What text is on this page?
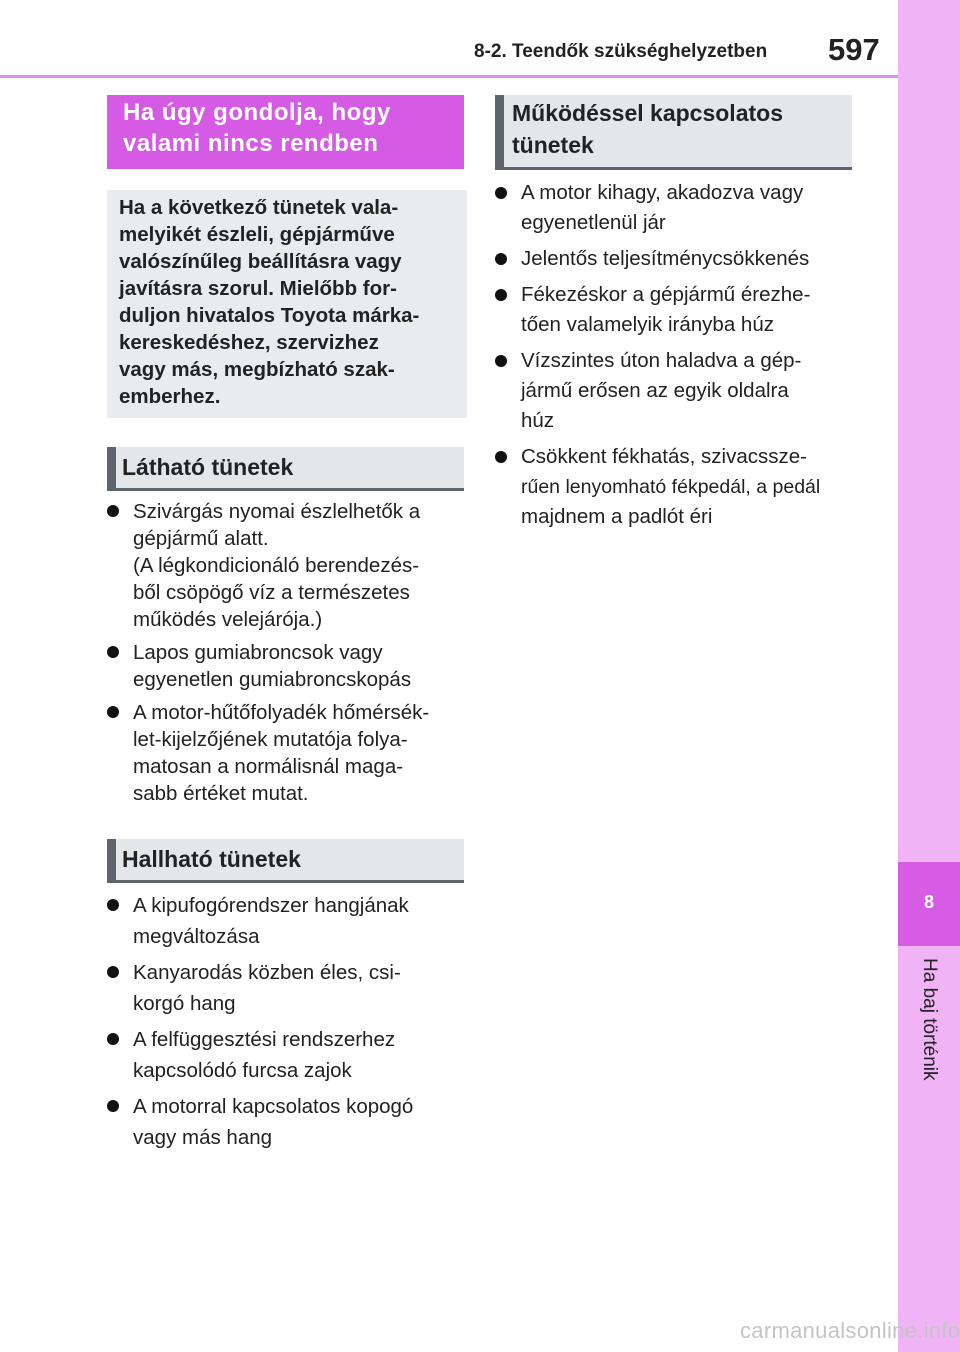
8-2. Teendők szükséghelyzetben 597
8
Ha baj történik
Ha úgy gondolja, hogy
valami nincs rendben
Ha a következő tünetek vala-
melyikét észleli, gépjárműve
valószínűleg beállításra vagy
javításra szorul. Mielőbb for-
duljon hivatalos Toyota márka-
kereskedéshez, szervizhez
vagy más, megbízható szak-
emberhez.
Látható tünetek
Szivárgás nyomai észlelhetők a
gépjármű alatt.
(A légkondicionáló berendezés-
ből csöpögő víz a természetes
működés velejárója.)
Lapos gumiabroncsok vagy
egyenetlen gumiabroncskopás
A motor-hűtőfolyadék hőmérsék-
let-kijelzőjének mutatója folya-
matosan a normálisnál maga-
sabb értéket mutat.
Hallható tünetek
A kipufogórendszer hangjának
megváltozása
Kanyarodás közben éles, csi-
korgó hang
A felfüggesztési rendszerhez
kapcsolódó furcsa zajok
A motorral kapcsolatos kopogó
vagy más hang
Működéssel kapcsolatos
tünetek
A motor kihagy, akadozva vagy
egyenetlenül jár
Jelentős teljesítménycsökkenés
Fékezéskor a gépjármű érezhe-
tően valamelyik irányba húz
Vízszintes úton haladva a gép-
jármű erősen az egyik oldalra
húz
Csökkent fékhatás, szivacssze-
rűen lenyomható fékpedál, a pedál
majdnem a padlót éri
carmanualsonline.info
